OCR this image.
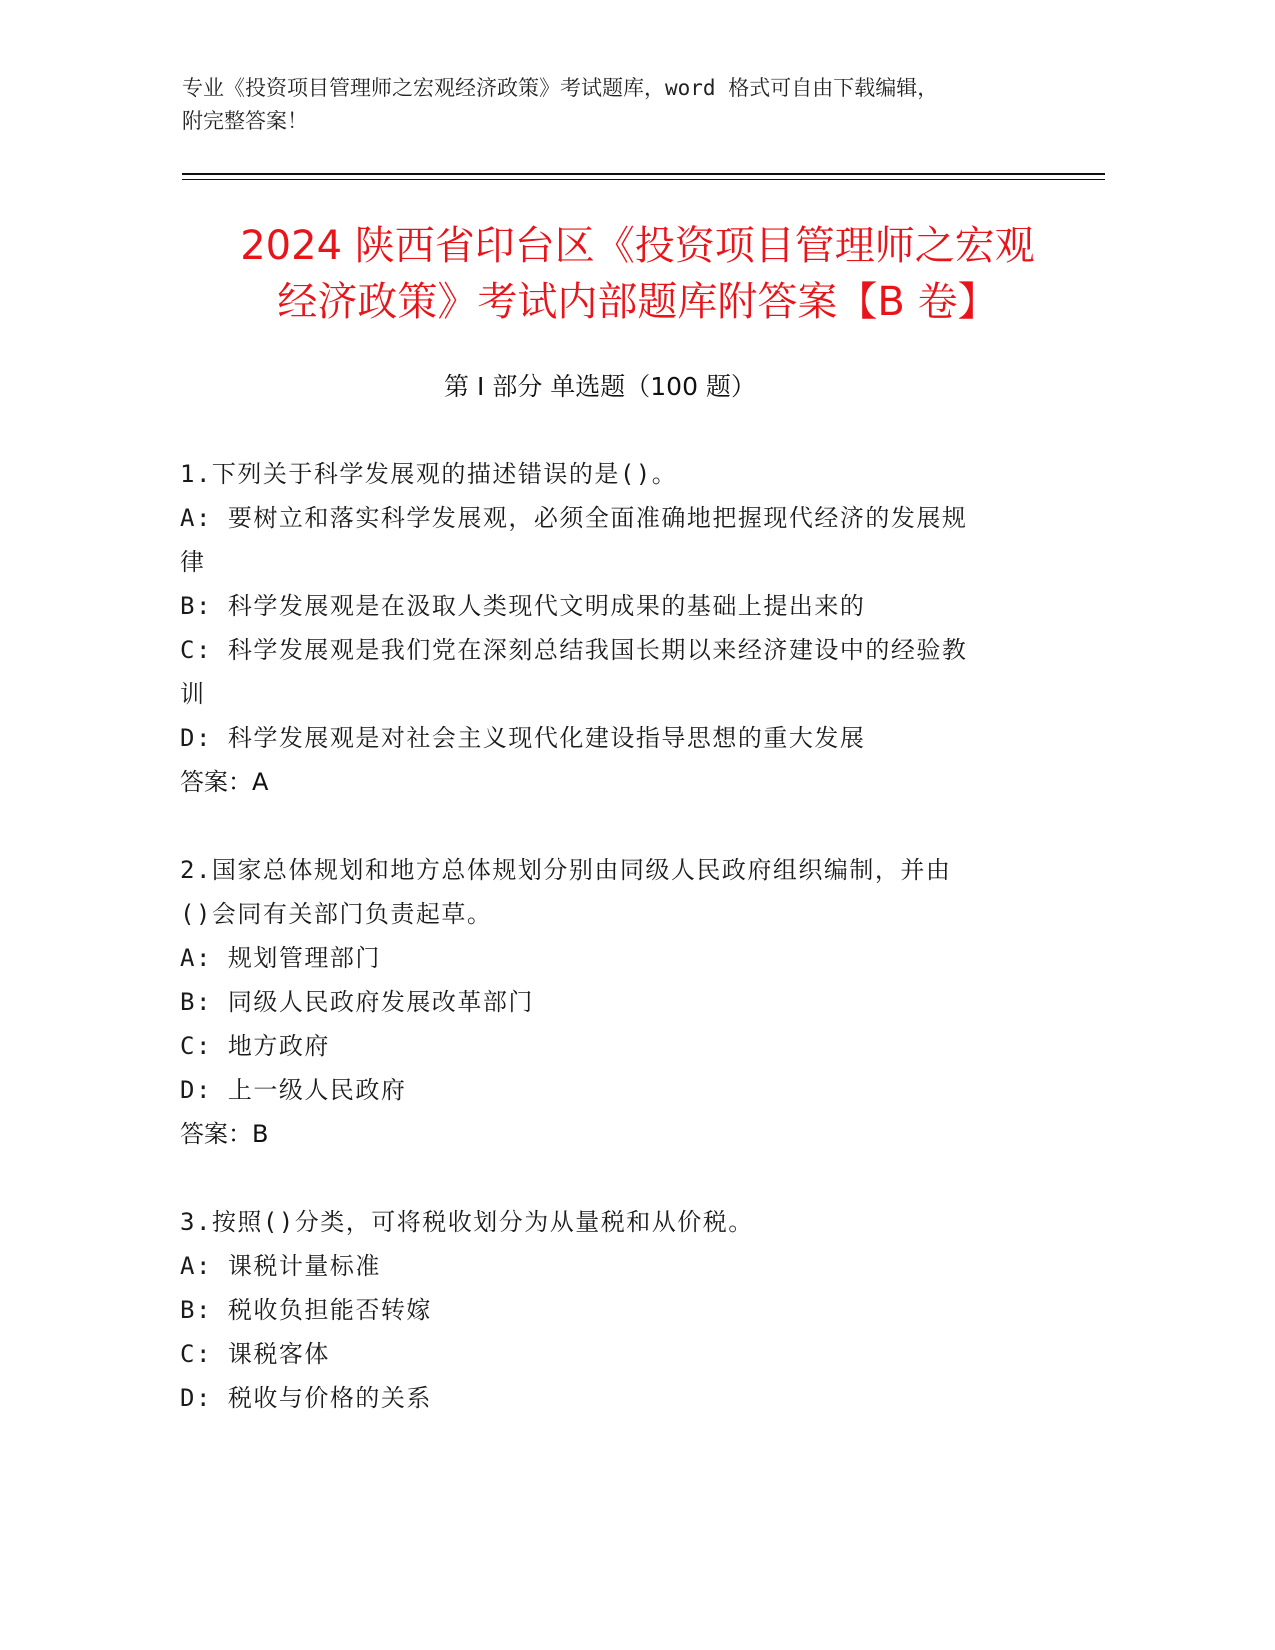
专业《投资项目管理师之宏观经济政策》考试题库，word 格式可自由下载编辑，
附完整答案！
2024 陕西省印台区《投资项目管理师之宏观
经济政策》考试内部题库附答案【B 卷】
第 I 部分 单选题（100 题）

1.下列关于科学发展观的描述错误的是()。

A: 要树立和落实科学发展观，必须全面准确地把握现代经济的发展规

律

B: 科学发展观是在汲取人类现代文明成果的基础上提出来的

C: 科学发展观是我们党在深刻总结我国长期以来经济建设中的经验教

训

D: 科学发展观是对社会主义现代化建设指导思想的重大发展

答案：A

2.国家总体规划和地方总体规划分别由同级人民政府组织编制，并由

()会同有关部门负责起草。

A: 规划管理部门

B: 同级人民政府发展改革部门

C: 地方政府

D: 上一级人民政府

答案：B

3.按照()分类，可将税收划分为从量税和从价税。

A: 课税计量标准

B: 税收负担能否转嫁

C: 课税客体

D: 税收与价格的关系
